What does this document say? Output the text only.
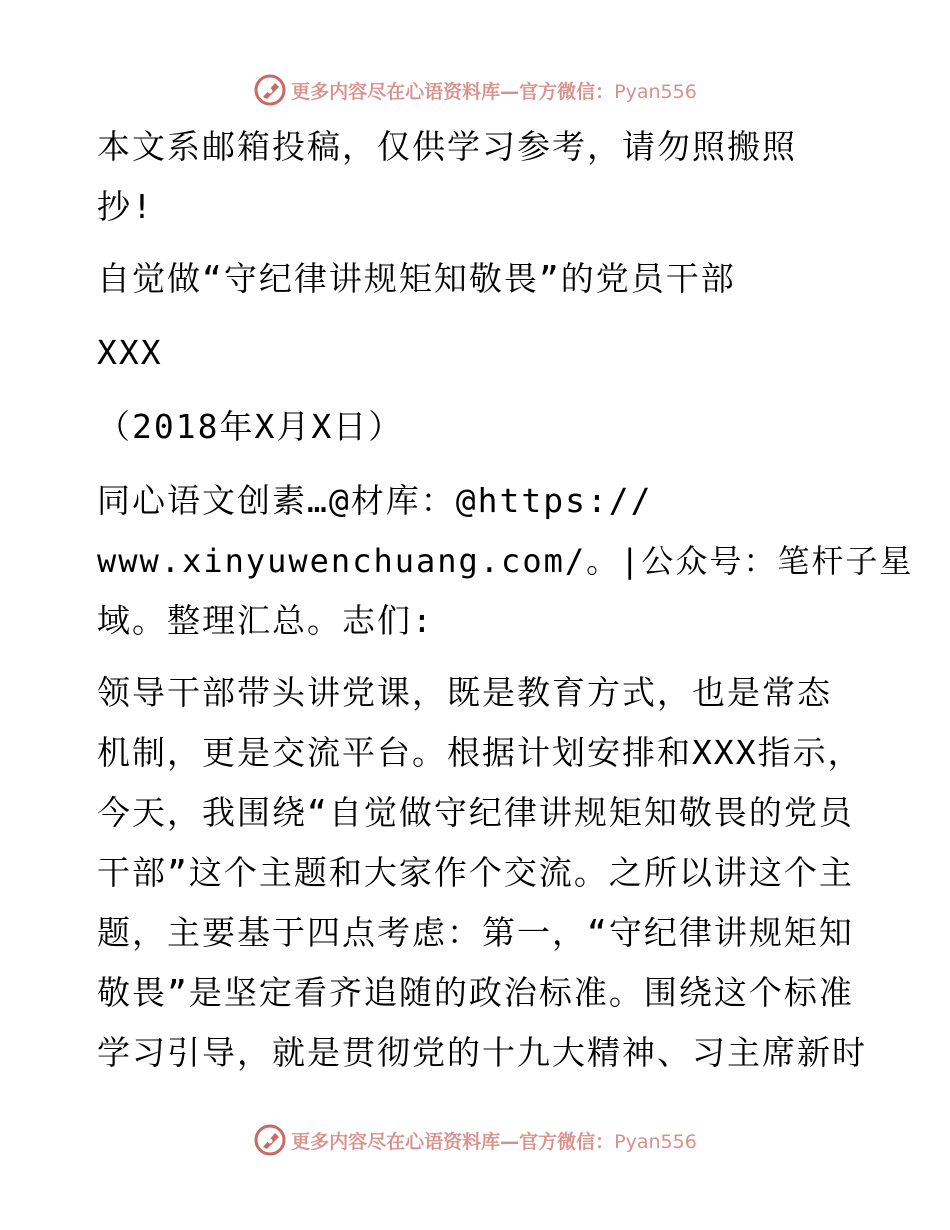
更多内容尽在心语资料库—官方微信：Pyan556
本文系邮箱投稿，仅供学习参考，请勿照搬照
抄!
自觉做“守纪律讲规矩知敬畏”的党员干部
XXX
（2018年X月X日）
同心语文创素…@材库：@https://
www.xinyuwenchuang.com/。|公众号：笔杆子星
域。整理汇总。志们:
领导干部带头讲党课，既是教育方式，也是常态
机制，更是交流平台。根据计划安排和XXX指示，
今天，我围绕“自觉做守纪律讲规矩知敬畏的党员
干部”这个主题和大家作个交流。之所以讲这个主
题，主要基于四点考虑：第一，“守纪律讲规矩知
敬畏”是坚定看齐追随的政治标准。围绕这个标准
学习引导，就是贯彻党的十九大精神、习主席新时
更多内容尽在心语资料库—官方微信：Pyan556
